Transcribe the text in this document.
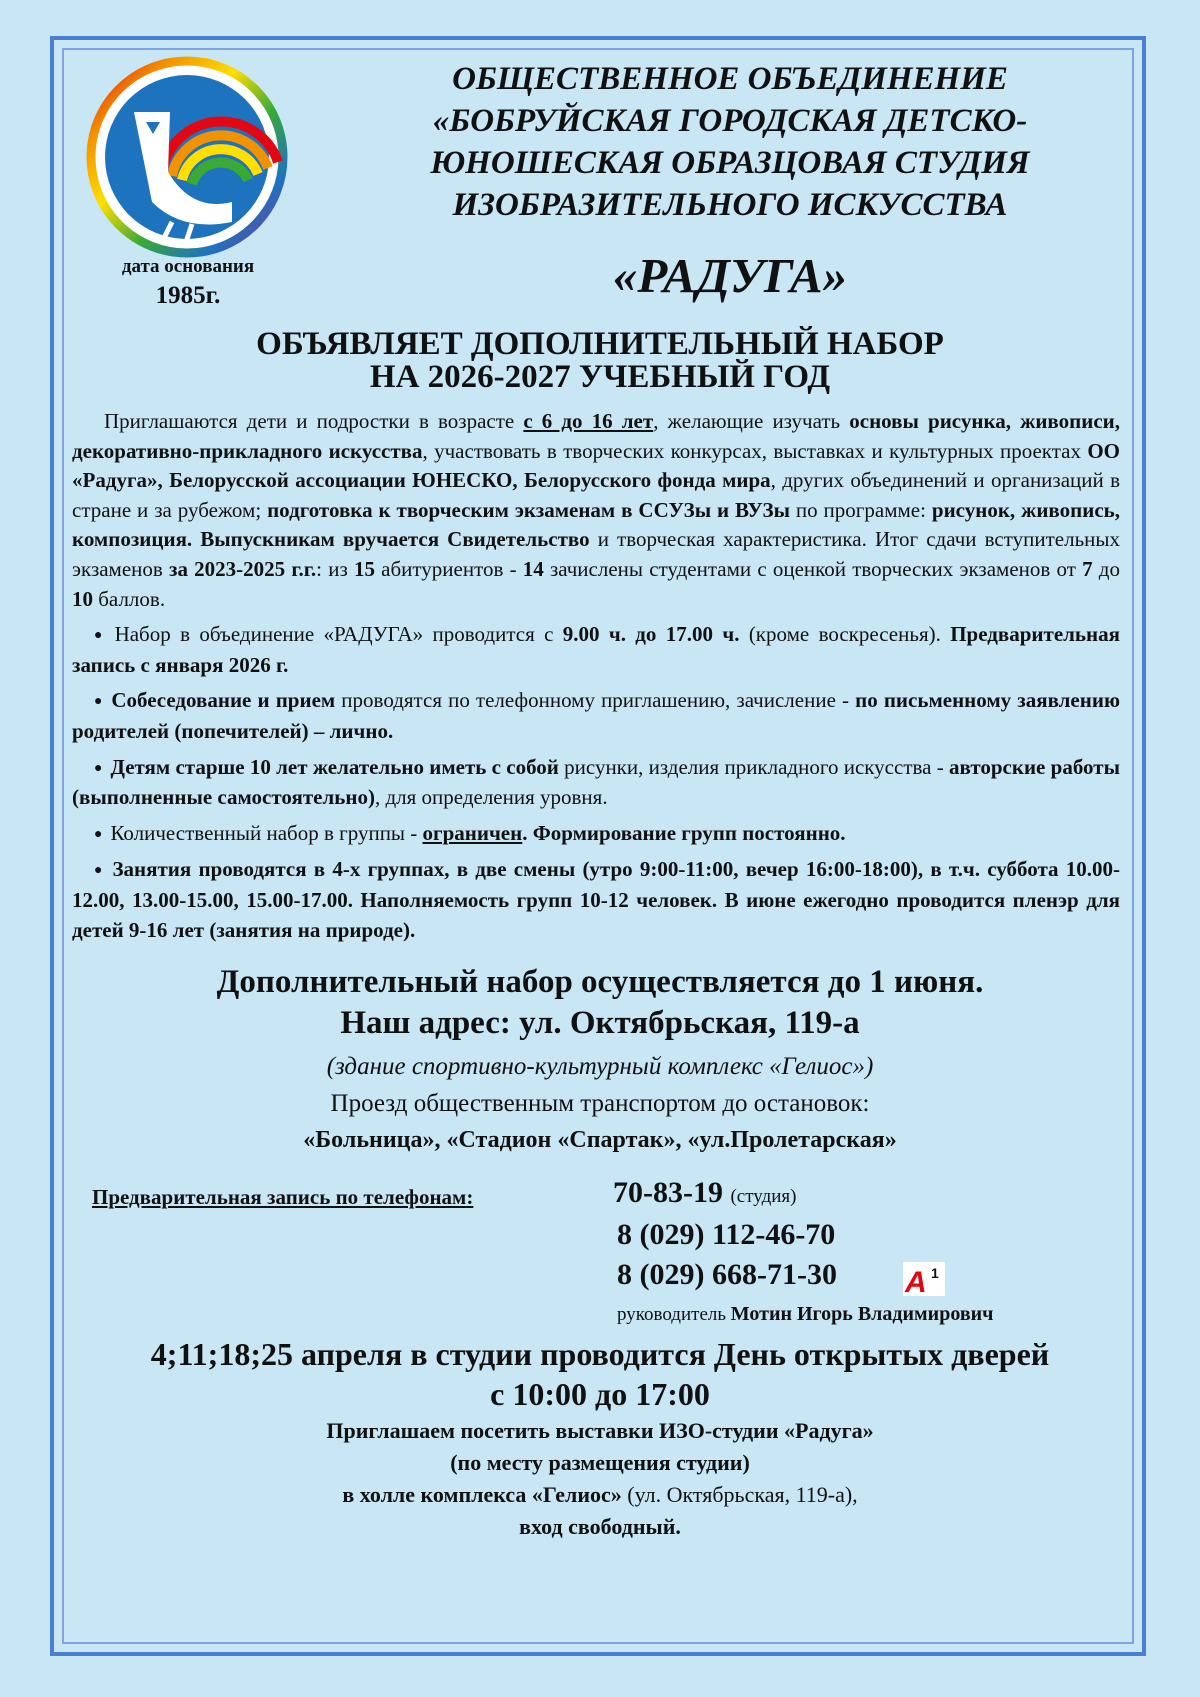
дата основания
1985г.
ОБЩЕСТВЕННОЕ ОБЪЕДИНЕНИЕ
«БОБРУЙСКАЯ ГОРОДСКАЯ ДЕТСКО-
ЮНОШЕСКАЯ ОБРАЗЦОВАЯ СТУДИЯ
ИЗОБРАЗИТЕЛЬНОГО ИСКУССТВА
«РАДУГА»
ОБЪЯВЛЯЕТ ДОПОЛНИТЕЛЬНЫЙ НАБОР
НА 2026-2027 УЧЕБНЫЙ ГОД

Приглашаются дети и подростки в возрасте с 6 до 16 лет, желающие изучать основы рисунка, живописи, декоративно-прикладного искусства, участвовать в творческих конкурсах, выставках и культурных проектах ОО «Радуга», Белорусской ассоциации ЮНЕСКО, Белорусского фонда мира, других объединений и организаций в стране и за рубежом; подготовка к творческим экзаменам в ССУЗы и ВУЗы по программе: рисунок, живопись, композиция. Выпускникам вручается Свидетельство и творческая характеристика. Итог сдачи вступительных экзаменов за 2023-2025 г.г.: из 15 абитуриентов - 14 зачислены студентами с оценкой творческих экзаменов от 7 до 10 баллов.

● Набор в объединение «РАДУГА» проводится с 9.00 ч. до 17.00 ч. (кроме воскресенья). Предварительная запись с января 2026 г.

● Собеседование и прием проводятся по телефонному приглашению, зачисление - по письменному заявлению родителей (попечителей) – лично.

● Детям старше 10 лет желательно иметь с собой рисунки, изделия прикладного искусства - авторские работы (выполненные самостоятельно), для определения уровня.

● Количественный набор в группы - ограничен. Формирование групп постоянно.

● Занятия проводятся в 4-х группах, в две смены (утро 9:00-11:00, вечер 16:00-18:00), в т.ч. суббота 10.00-12.00, 13.00-15.00, 15.00-17.00. Наполняемость групп 10-12 человек. В июне ежегодно проводится пленэр для детей 9-16 лет (занятия на природе).

Дополнительный набор осуществляется до 1 июня.
Наш адрес: ул. Октябрьская, 119-а
(здание спортивно-культурный комплекс «Гелиос»)
Проезд общественным транспортом до остановок:
«Больница», «Стадион «Спартак», «ул.Пролетарская»
Предварительная запись по телефонам:	70-83-19 (студия)
8 (029) 112-46-70
8 (029) 668-71-30 A 1
руководитель Мотин Игорь Владимирович
4;11;18;25 апреля в студии проводится День открытых дверей
с 10:00 до 17:00
Приглашаем посетить выставки ИЗО-студии «Радуга»
(по месту размещения студии)
в холле комплекса «Гелиос» (ул. Октябрьская, 119-а),
вход свободный.
